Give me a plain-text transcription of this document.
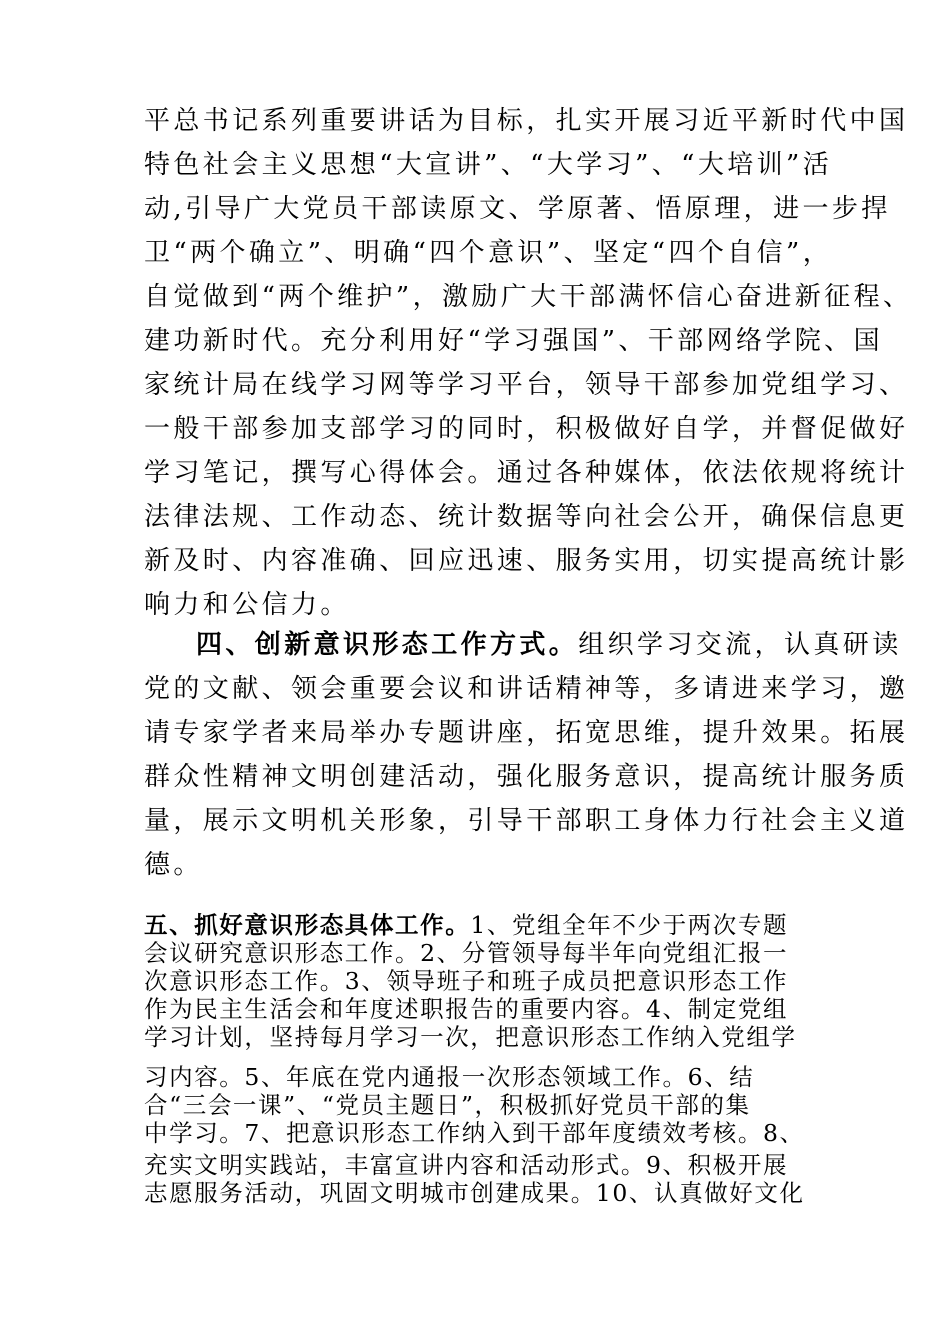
平总书记系列重要讲话为目标，扎实开展习近平新时代中国
特色社会主义思想“大宣讲”、“大学习”、“大培训”活
动,引导广大党员干部读原文、学原著、悟原理，进一步捍
卫“两个确立”、明确“四个意识”、坚定“四个自信”，
自觉做到“两个维护”，激励广大干部满怀信心奋进新征程、
建功新时代。充分利用好“学习强国”、干部网络学院、国
家统计局在线学习网等学习平台，领导干部参加党组学习、
一般干部参加支部学习的同时，积极做好自学，并督促做好
学习笔记，撰写心得体会。通过各种媒体，依法依规将统计
法律法规、工作动态、统计数据等向社会公开，确保信息更
新及时、内容准确、回应迅速、服务实用，切实提高统计影
响力和公信力。
四、创新意识形态工作方式。组织学习交流，认真研读
党的文献、领会重要会议和讲话精神等，多请进来学习，邀
请专家学者来局举办专题讲座，拓宽思维，提升效果。拓展
群众性精神文明创建活动，强化服务意识，提高统计服务质
量，展示文明机关形象，引导干部职工身体力行社会主义道
德。
五、抓好意识形态具体工作。1、党组全年不少于两次专题
会议研究意识形态工作。2、分管领导每半年向党组汇报一
次意识形态工作。3、领导班子和班子成员把意识形态工作
作为民主生活会和年度述职报告的重要内容。4、制定党组
学习计划，坚持每月学习一次，把意识形态工作纳入党组学
习内容。5、年底在党内通报一次形态领域工作。6、结
合“三会一课”、“党员主题日”，积极抓好党员干部的集
中学习。7、把意识形态工作纳入到干部年度绩效考核。8、
充实文明实践站，丰富宣讲内容和活动形式。9、积极开展
志愿服务活动，巩固文明城市创建成果。10、认真做好文化
